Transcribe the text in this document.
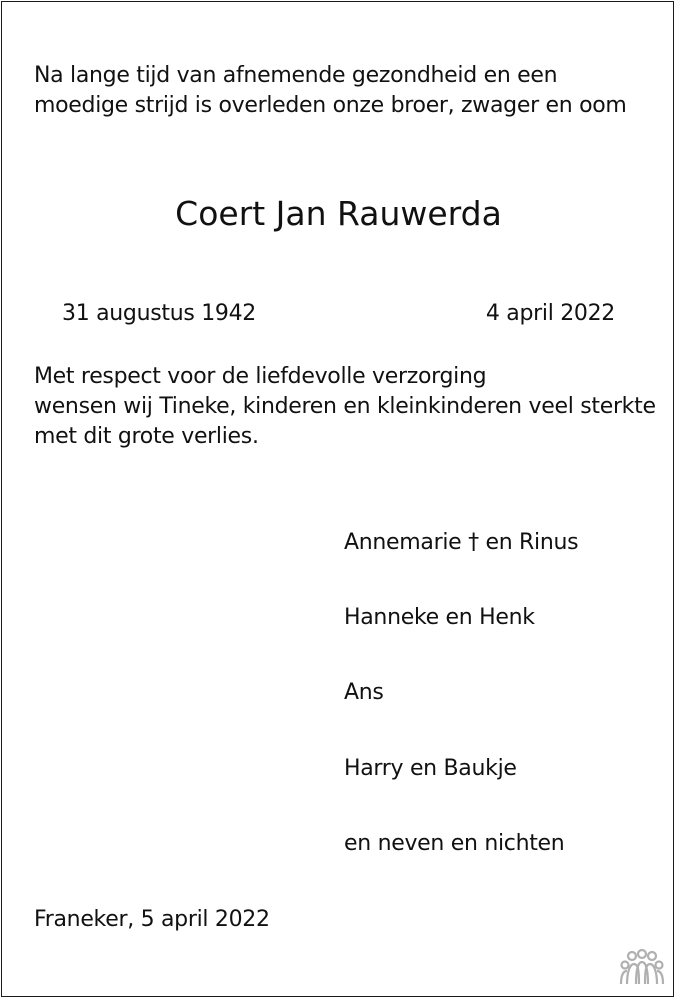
Na lange tijd van afnemende gezondheid en een
moedige strijd is overleden onze broer, zwager en oom
Coert Jan Rauwerda
31 augustus 1942	4 april 2022
Met respect voor de liefdevolle verzorging
wensen wij Tineke, kinderen en kleinkinderen veel sterkte
met dit grote verlies.
Annemarie † en Rinus
Hanneke en Henk
Ans
Harry en Baukje
en neven en nichten
Franeker, 5 april 2022
